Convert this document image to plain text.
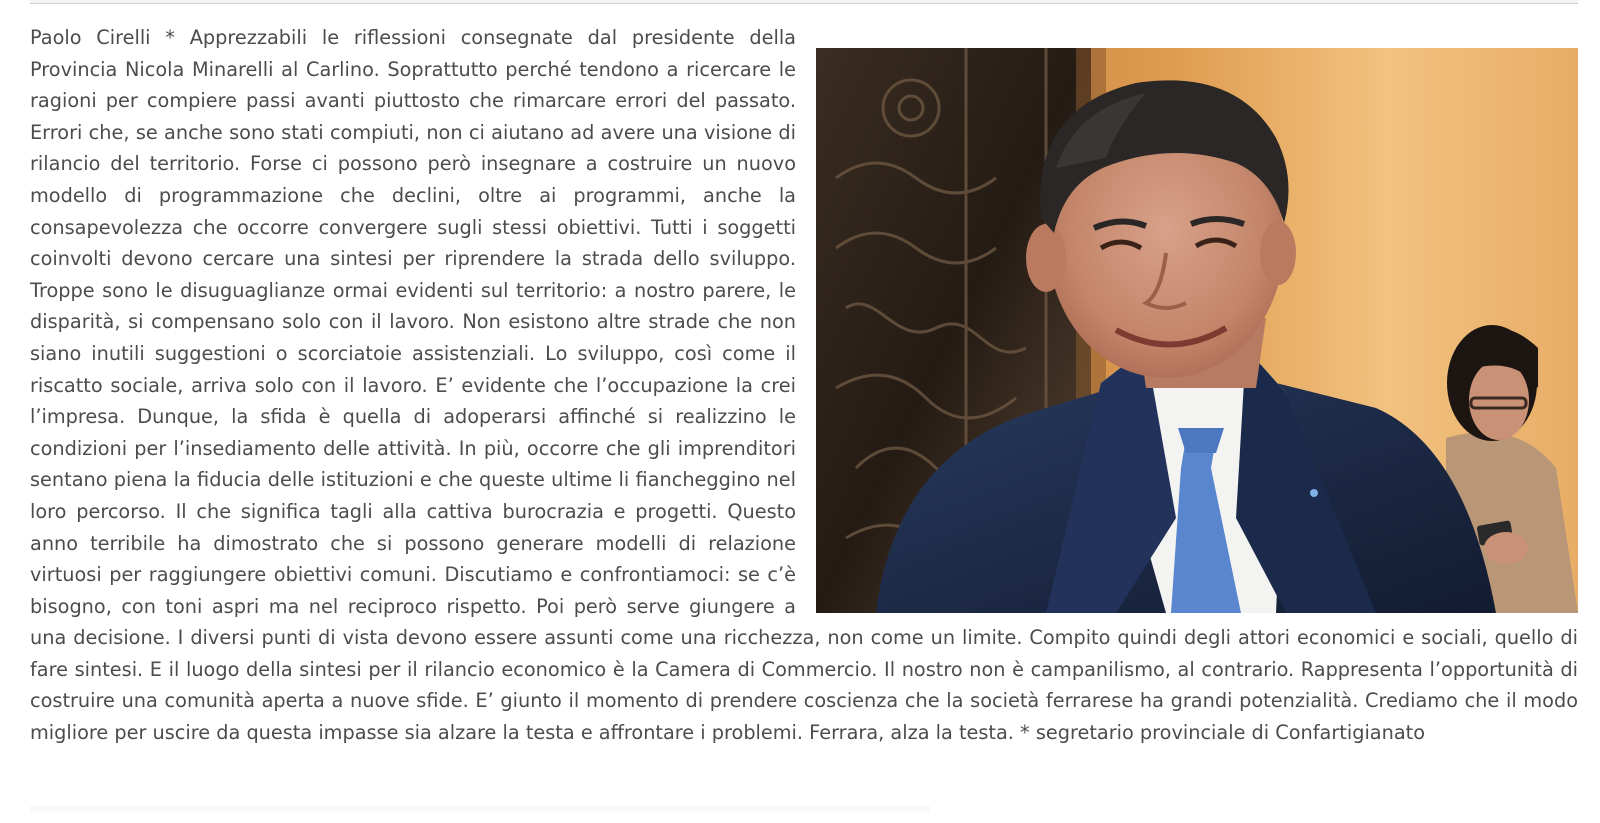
Paolo Cirelli * Apprezzabili le riflessioni consegnate dal presidente della Provincia Nicola Minarelli al Carlino. Soprattutto perché tendono a ricercare le ragioni per compiere passi avanti piuttosto che rimarcare errori del passato. Errori che, se anche sono stati compiuti, non ci aiutano ad avere una visione di rilancio del territorio. Forse ci possono però insegnare a costruire un nuovo modello di programmazione che declini, oltre ai programmi, anche la consapevolezza che occorre convergere sugli stessi obiettivi. Tutti i soggetti coinvolti devono cercare una sintesi per riprendere la strada dello sviluppo. Troppe sono le disuguaglianze ormai evidenti sul territorio: a nostro parere, le disparità, si compensano solo con il lavoro. Non esistono altre strade che non siano inutili suggestioni o scorciatoie assistenziali. Lo sviluppo, così come il riscatto sociale, arriva solo con il lavoro. E’ evidente che l’occupazione la crei l’impresa. Dunque, la sfida è quella di adoperarsi affinché si realizzino le condizioni per l’insediamento delle attività. In più, occorre che gli imprenditori sentano piena la fiducia delle istituzioni e che queste ultime li fiancheggino nel loro percorso. Il che significa tagli alla cattiva burocrazia e progetti. Questo anno terribile ha dimostrato che si possono generare modelli di relazione virtuosi per raggiungere obiettivi comuni. Discutiamo e confrontiamoci: se c’è bisogno, con toni aspri ma nel reciproco rispetto. Poi però serve giungere a una decisione. I diversi punti di vista devono essere assunti come una ricchezza, non come un limite. Compito quindi degli attori economici e sociali, quello di fare sintesi. E il luogo della sintesi per il rilancio economico è la Camera di Commercio. Il nostro non è campanilismo, al contrario. Rappresenta l’opportunità di costruire una comunità aperta a nuove sfide. E’ giunto il momento di prendere coscienza che la società ferrarese ha grandi potenzialità. Crediamo che il modo migliore per uscire da questa impasse sia alzare la testa e affrontare i problemi. Ferrara, alza la testa. * segretario provinciale di Confartigianato
